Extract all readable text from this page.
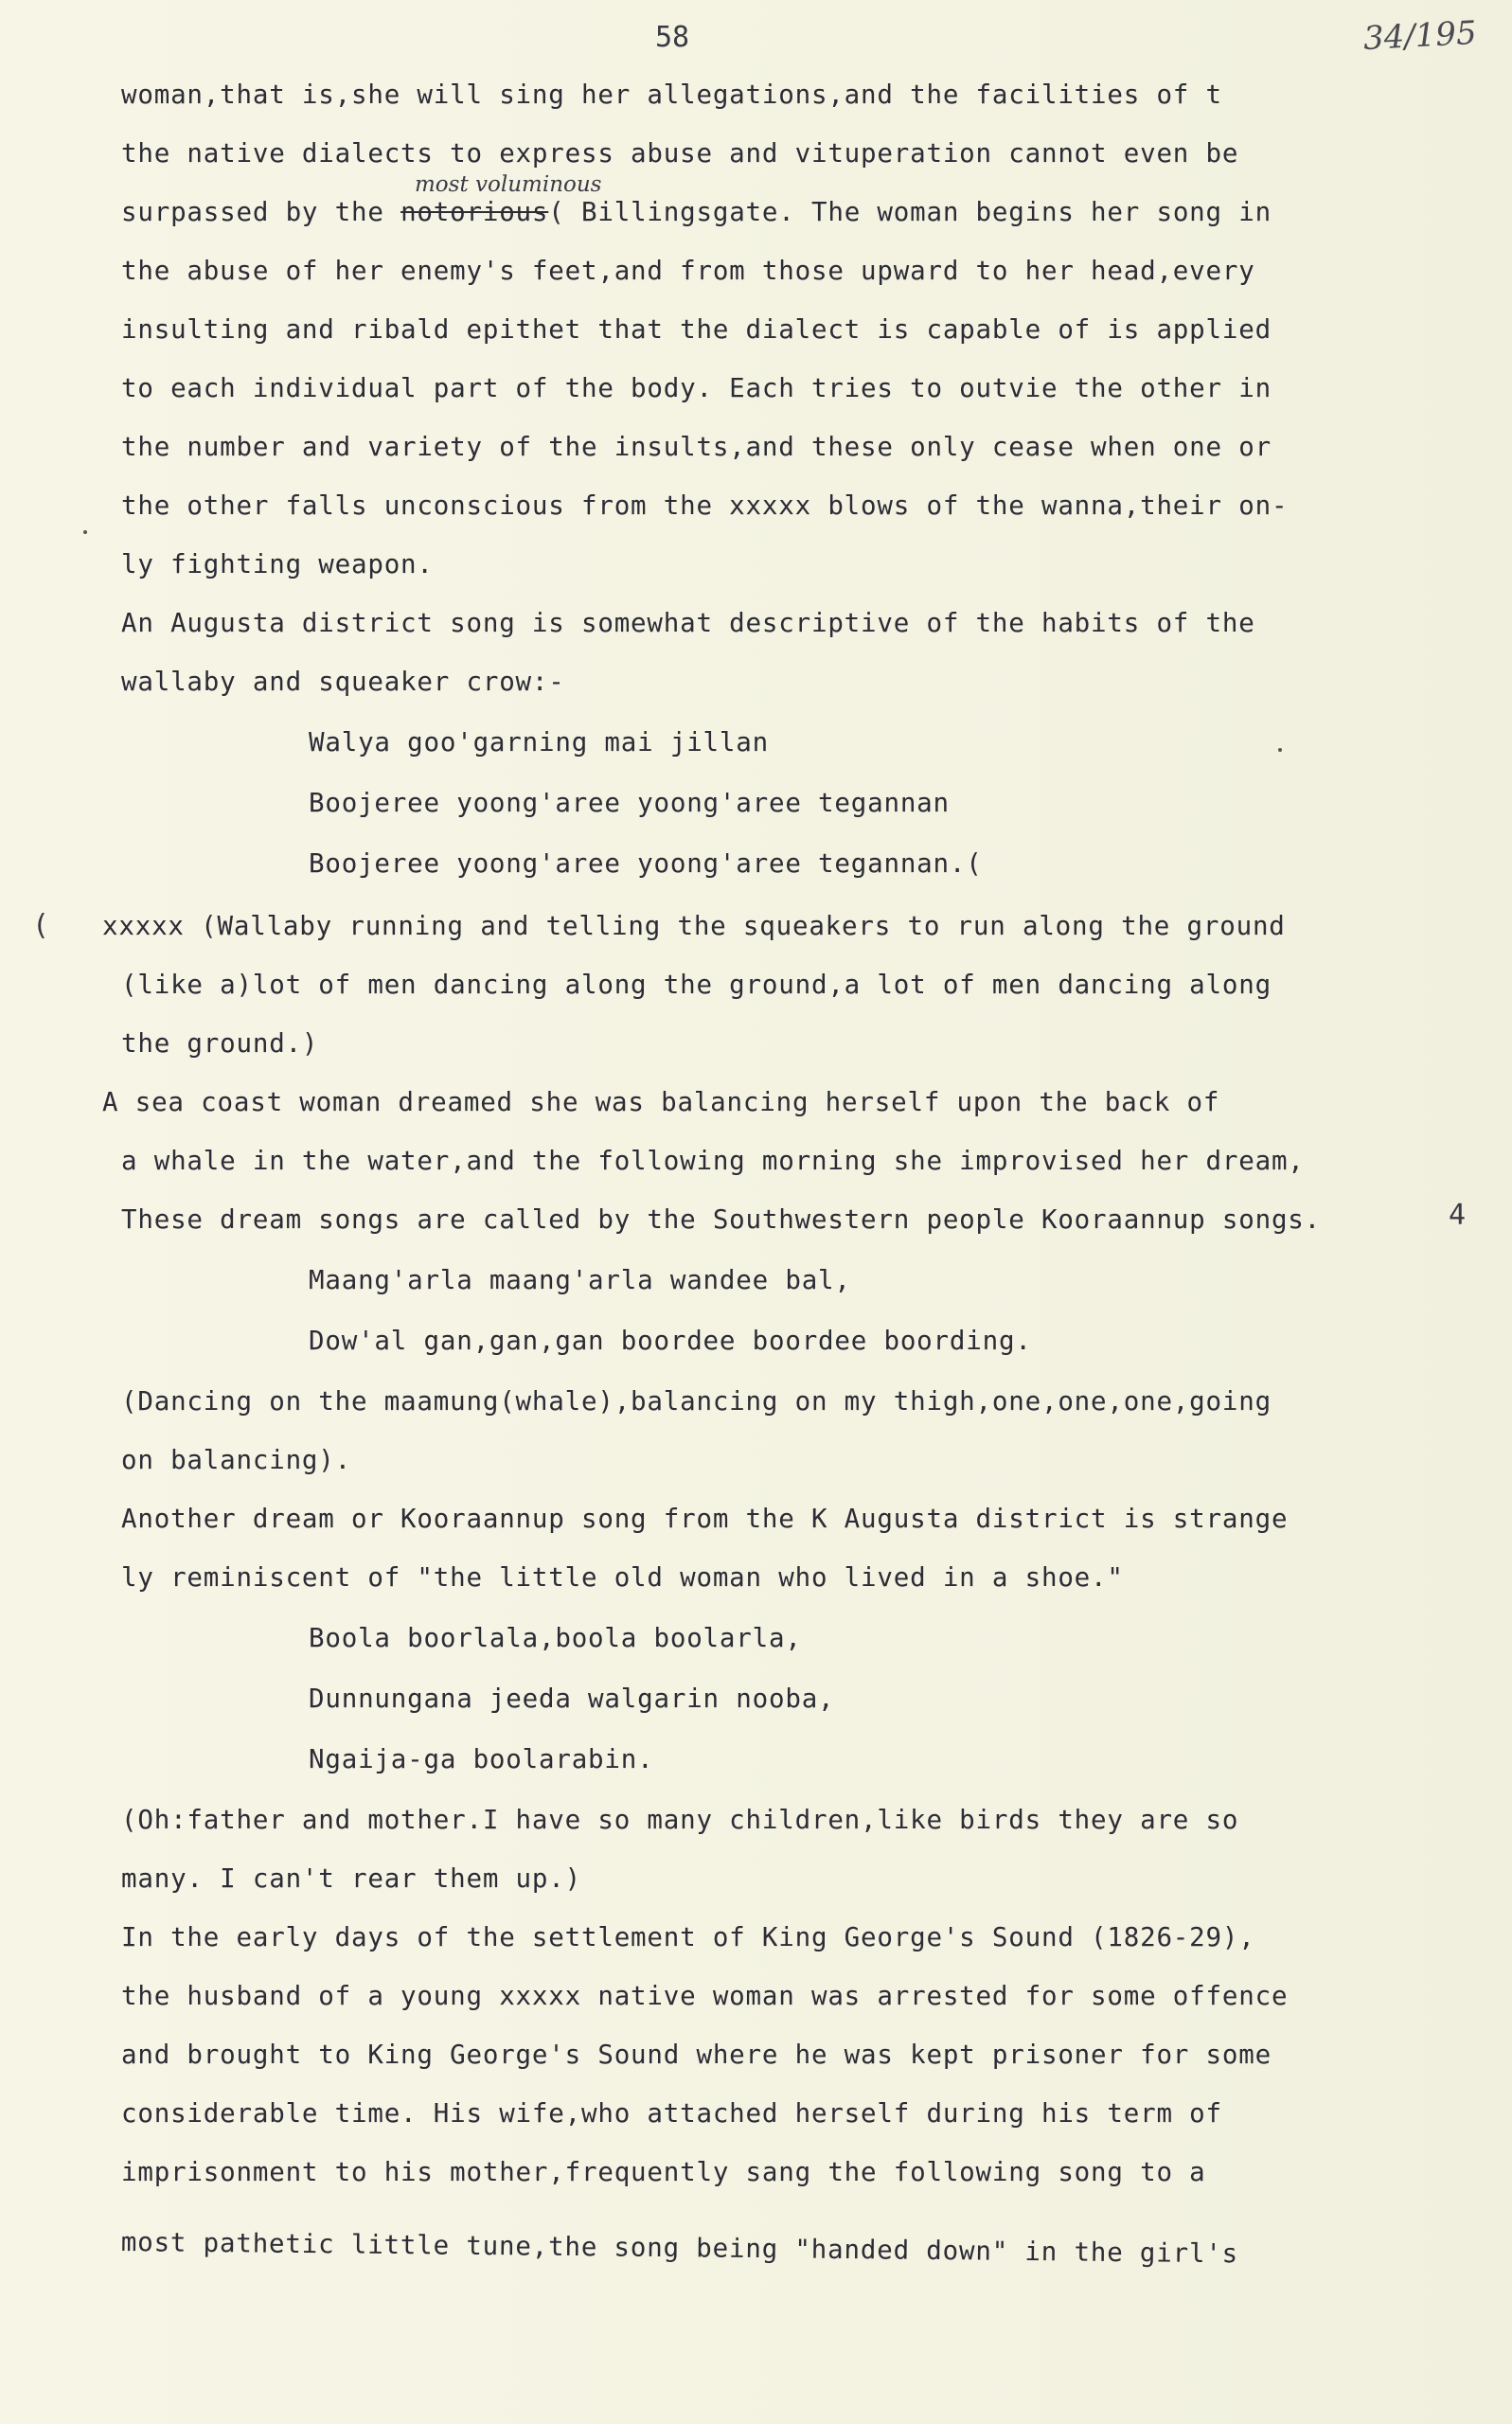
58	34/195
most voluminous
woman,that is,she will sing her allegations,and the facilities of t
the native dialects to express abuse and vituperation cannot even be
surpassed by the notorious( Billingsgate. The woman begins her song in
the abuse of her enemy's feet,and from those upward to her head,every
insulting and ribald epithet that the dialect is capable of is applied
to each individual part of the body. Each tries to outvie the other in
the number and variety of the insults,and these only cease when one or
the other falls unconscious from the xxxxx blows of the wanna,their on-
ly fighting weapon.
An Augusta district song is somewhat descriptive of the habits of the
wallaby and squeaker crow:-
Walya goo'garning mai jillan
Boojeree yoong'aree yoong'aree tegannan
Boojeree yoong'aree yoong'aree tegannan.(
( xxxxx (Wallaby running and telling the squeakers to run along the ground
(like a)lot of men dancing along the ground,a lot of men dancing along
the ground.)
A sea coast woman dreamed she was balancing herself upon the back of
a whale in the water,and the following morning she improvised her dream,
4
These dream songs are called by the Southwestern people Kooraannup songs.
Maang'arla maang'arla wandee bal,
Dow'al gan,gan,gan boordee boordee boording.
(Dancing on the maamung(whale),balancing on my thigh,one,one,one,going
on balancing).
Another dream or Kooraannup song from the K Augusta district is strange
ly reminiscent of "the little old woman who lived in a shoe."
Boola boorlala,boola boolarla,
Dunnungana jeeda walgarin nooba,
Ngaija-ga boolarabin.
(Oh:father and mother.I have so many children,like birds they are so
many. I can't rear them up.)
In the early days of the settlement of King George's Sound (1826-29),
the husband of a young xxxxx native woman was arrested for some offence
and brought to King George's Sound where he was kept prisoner for some
considerable time. His wife,who attached herself during his term of
imprisonment to his mother,frequently sang the following song to a
most pathetic little tune,the song being "handed down" in the girl's
